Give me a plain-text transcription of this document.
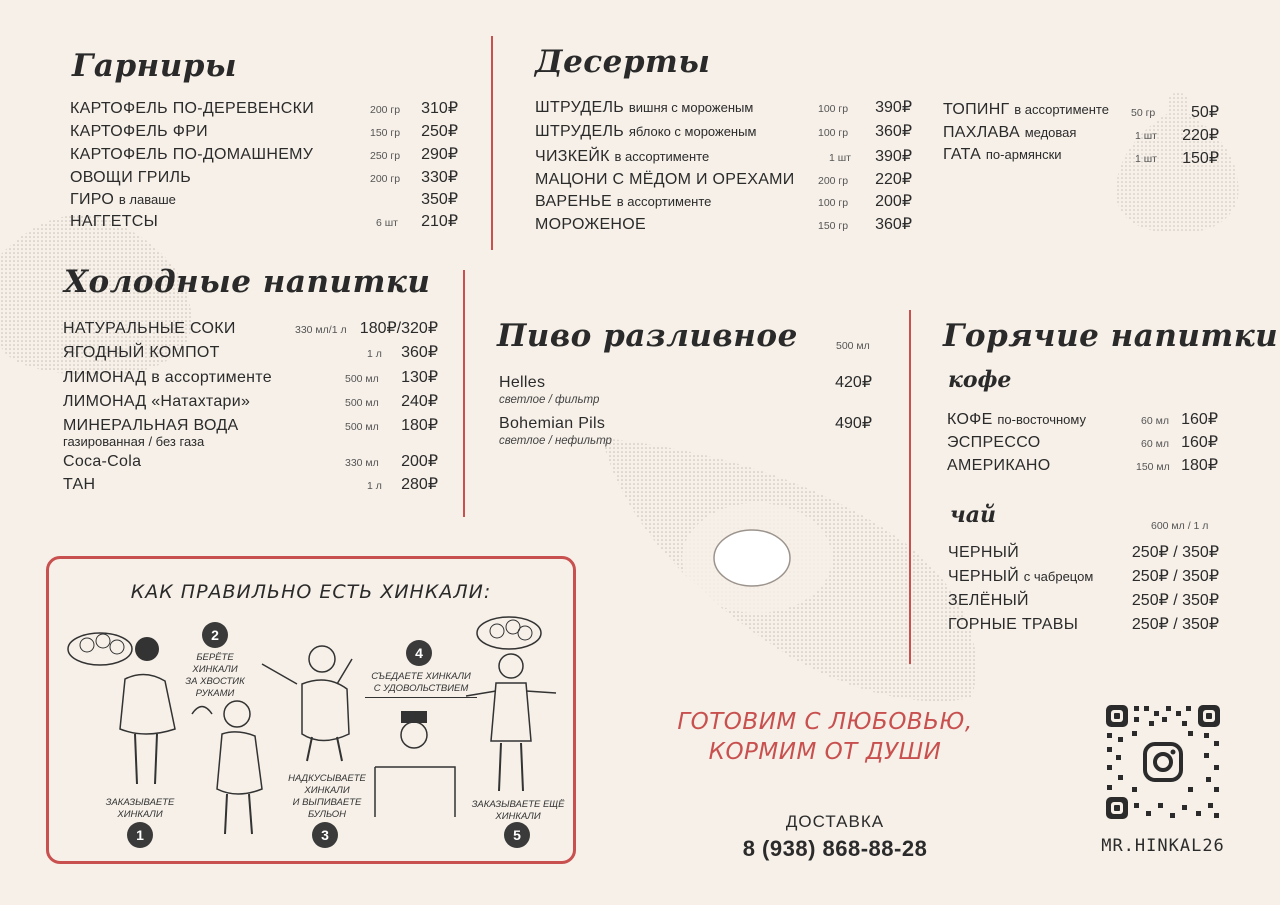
Гарниры
КАРТОФЕЛЬ ПО-ДЕРЕВЕНСКИ	200 гр 310₽
КАРТОФЕЛЬ ФРИ	150 гр 250₽
КАРТОФЕЛЬ ПО-ДОМАШНЕМУ	250 гр 290₽
ОВОЩИ ГРИЛЬ	200 гр 330₽
ГИРО в лаваше	350₽
НАГГЕТСЫ	6 шт 210₽
Десерты
ШТРУДЕЛЬ вишня с мороженым	100 гр 390₽
ШТРУДЕЛЬ яблоко с мороженым	100 гр 360₽
ЧИЗКЕЙК в ассортименте	1 шт 390₽
МАЦОНИ С МЁДОМ И ОРЕХАМИ 200 гр 220₽
ВАРЕНЬЕ в ассортименте	100 гр 200₽
МОРОЖЕНОЕ	150 гр 360₽
ТОПИНГ в ассортименте 50 гр 50₽
ПАХЛАВА медовая	1 шт 220₽
ГАТА по-армянски	1 шт 150₽
Холодные напитки
НАТУРАЛЬНЫЕ СОКИ	330 мл/1 л 180₽/320₽
ЯГОДНЫЙ КОМПОТ	1 л 360₽
ЛИМОНАД в ассортименте	500 мл 130₽
ЛИМОНАД «Натахтари»	500 мл 240₽
МИНЕРАЛЬНАЯ ВОДА
газированная / без газа
500 мл 180₽
Coca-Cola	330 мл 200₽
ТАН	1 л 280₽
Пиво разливное	500 мл
Helles
светлое / фильтр
420₽
Bohemian Pils
светлое / нефильтр
490₽
Горячие напитки
кофе
КОФЕ по-восточному	60 мл 160₽
ЭСПРЕССО	60 мл 160₽
АМЕРИКАНО	150 мл 180₽
чай	600 мл / 1 л
ЧЕРНЫЙ	250₽ / 350₽
ЧЕРНЫЙ с чабрецом 250₽ / 350₽
ЗЕЛЁНЫЙ	250₽ / 350₽
ГОРНЫЕ ТРАВЫ	250₽ / 350₽
КАК ПРАВИЛЬНО ЕСТЬ ХИНКАЛИ:
ЗАКАЗЫВАЕТЕ
ХИНКАЛИ
1
2
БЕРЁТЕ
ХИНКАЛИ
ЗА ХВОСТИК
РУКАМИ
НАДКУСЫВАЕТЕ
ХИНКАЛИ
И ВЫПИВАЕТЕ
БУЛЬОН
3
4
СЪЕДАЕТЕ ХИНКАЛИ
С УДОВОЛЬСТВИЕМ
ЗАКАЗЫВАЕТЕ ЕЩЁ
ХИНКАЛИ
5
ГОТОВИМ С ЛЮБОВЬЮ,
КОРМИМ ОТ ДУШИ
ДОСТАВКА
8 (938) 868-88-28	MR.HINKAL26
